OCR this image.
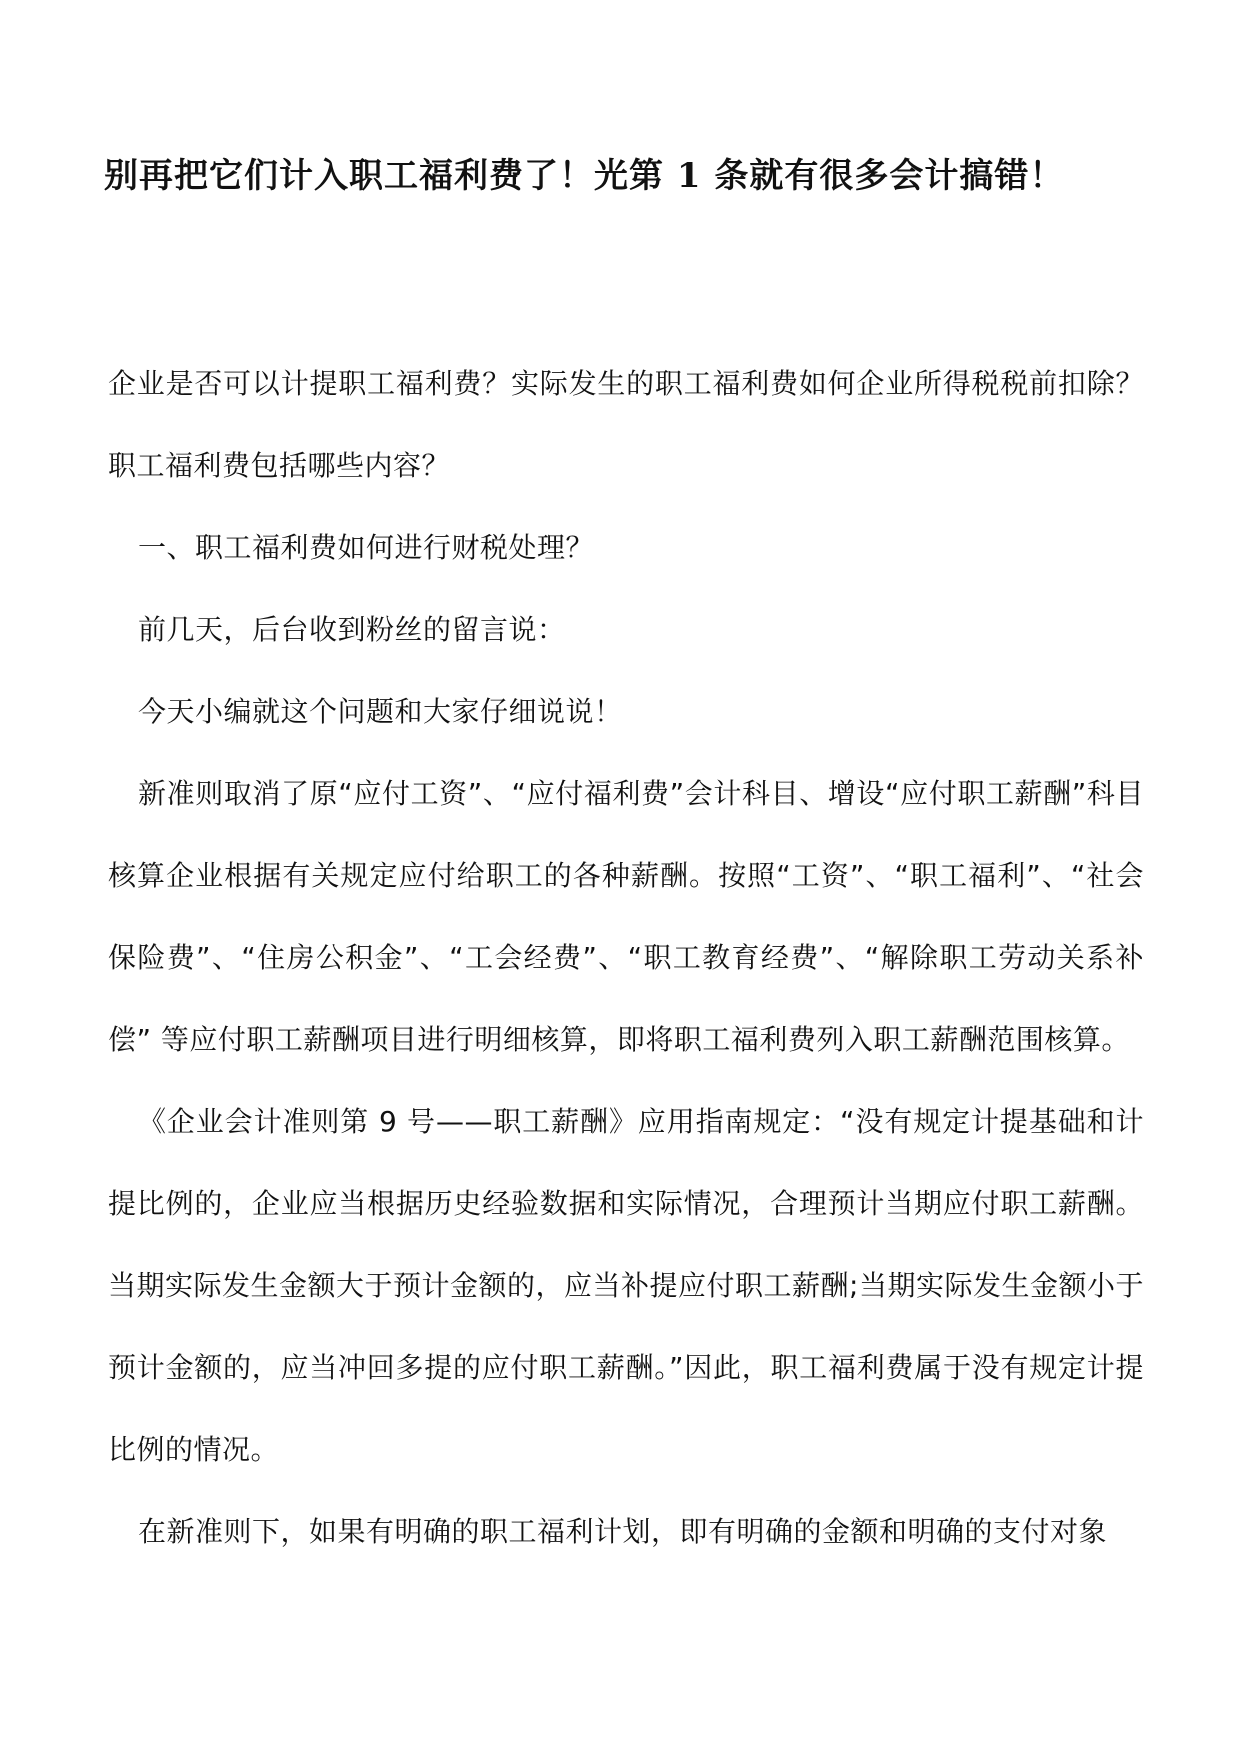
别再把它们计入职工福利费了！光第 1 条就有很多会计搞错！

企业是否可以计提职工福利费？实际发生的职工福利费如何企业所得税税前扣除？职工福利费包括哪些内容？

一、职工福利费如何进行财税处理？

前几天，后台收到粉丝的留言说：

今天小编就这个问题和大家仔细说说！

新准则取消了原“应付工资”、“应付福利费”会计科目、增设“应付职工薪酬”科目核算企业根据有关规定应付给职工的各种薪酬。按照“工资”、“职工福利”、“社会保险费”、“住房公积金”、“工会经费”、“职工教育经费”、“解除职工劳动关系补偿” 等应付职工薪酬项目进行明细核算，即将职工福利费列入职工薪酬范围核算。

《企业会计准则第 9 号——职工薪酬》应用指南规定：“没有规定计提基础和计提比例的，企业应当根据历史经验数据和实际情况，合理预计当期应付职工薪酬。当期实际发生金额大于预计金额的，应当补提应付职工薪酬;当期实际发生金额小于预计金额的，应当冲回多提的应付职工薪酬。”因此，职工福利费属于没有规定计提比例的情况。

在新准则下，如果有明确的职工福利计划，即有明确的金额和明确的支付对象
